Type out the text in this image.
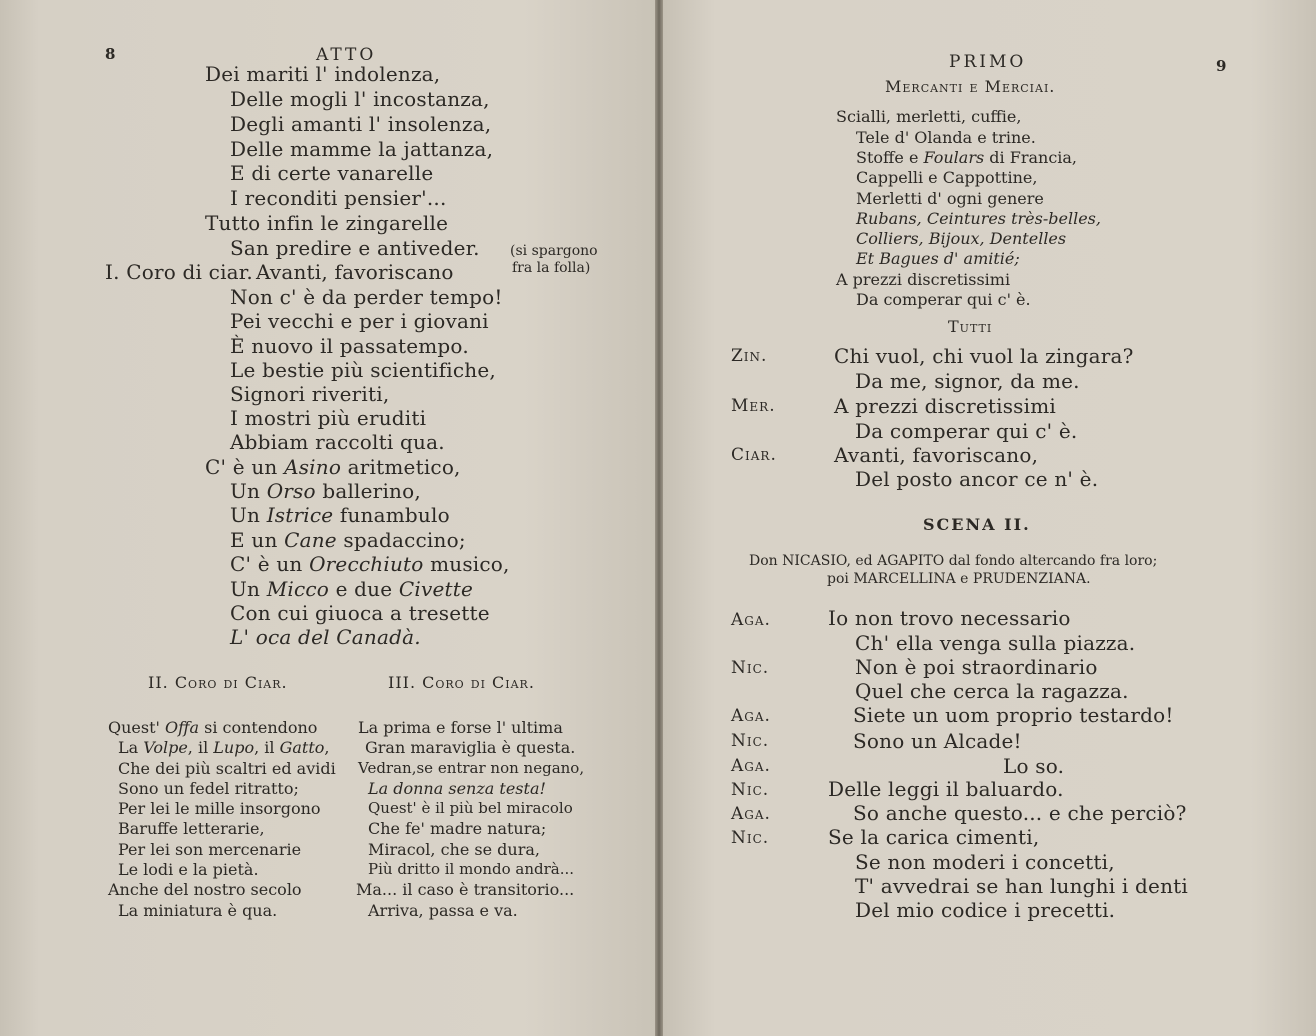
8	ATTO
Dei mariti l' indolenza,
Delle mogli l' incostanza,
Degli amanti l' insolenza,
Delle mamme la jattanza,
E di certe vanarelle
I reconditi pensier'...
Tutto infin le zingarelle
San predire e antiveder. (si spargono
fra la folla)
I. Coro di ciar. Avanti, favoriscano
Non c' è da perder tempo!
Pei vecchi e per i giovani
È nuovo il passatempo.
Le bestie più scientifiche,
Signori riveriti,
I mostri più eruditi
Abbiam raccolti qua.
C' è un Asino aritmetico,
Un Orso ballerino,
Un Istrice funambulo
E un Cane spadaccino;
C' è un Orecchiuto musico,
Un Micco e due Civette
Con cui giuoca a tresette
L' oca del Canadà.
II. Coro di Ciar.	III. Coro di Ciar.
Quest' Offa si contendono
La Volpe, il Lupo, il Gatto,
Che dei più scaltri ed avidi
Sono un fedel ritratto;
Per lei le mille insorgono
Baruffe letterarie,
Per lei son mercenarie
Le lodi e la pietà.
Anche del nostro secolo
La miniatura è qua.
La prima e forse l' ultima
Gran maraviglia è questa.
Vedran,se entrar non negano,
La donna senza testa!
Quest' è il più bel miracolo
Che fe' madre natura;
Miracol, che se dura,
Più dritto il mondo andrà...
Ma... il caso è transitorio...
Arriva, passa e va.
PRIMO	9
Mercanti e Merciai.
Scialli, merletti, cuffie,
Tele d' Olanda e trine.
Stoffe e Foulars di Francia,
Cappelli e Cappottine,
Merletti d' ogni genere
Rubans, Ceintures très-belles,
Colliers, Bijoux, Dentelles
Et Bagues d' amitié;
A prezzi discretissimi
Da comperar qui c' è.
Tutti
Zin.	Chi vuol, chi vuol la zingara?
Da me, signor, da me.
Mer.	A prezzi discretissimi
Da comperar qui c' è.
Ciar.	Avanti, favoriscano,
Del posto ancor ce n' è.
SCENA II.
Don NICASIO, ed AGAPITO dal fondo altercando fra loro;
poi MARCELLINA e PRUDENZIANA.
Aga.	Io non trovo necessario
Ch' ella venga sulla piazza.
Nic.	Non è poi straordinario
Quel che cerca la ragazza.
Aga.	Siete un uom proprio testardo!
Nic.	Sono un Alcade!
Aga.	Lo so.
Nic.	Delle leggi il baluardo.
Aga.	So anche questo... e che perciò?
Nic.	Se la carica cimenti,
Se non moderi i concetti,
T' avvedrai se han lunghi i denti
Del mio codice i precetti.
